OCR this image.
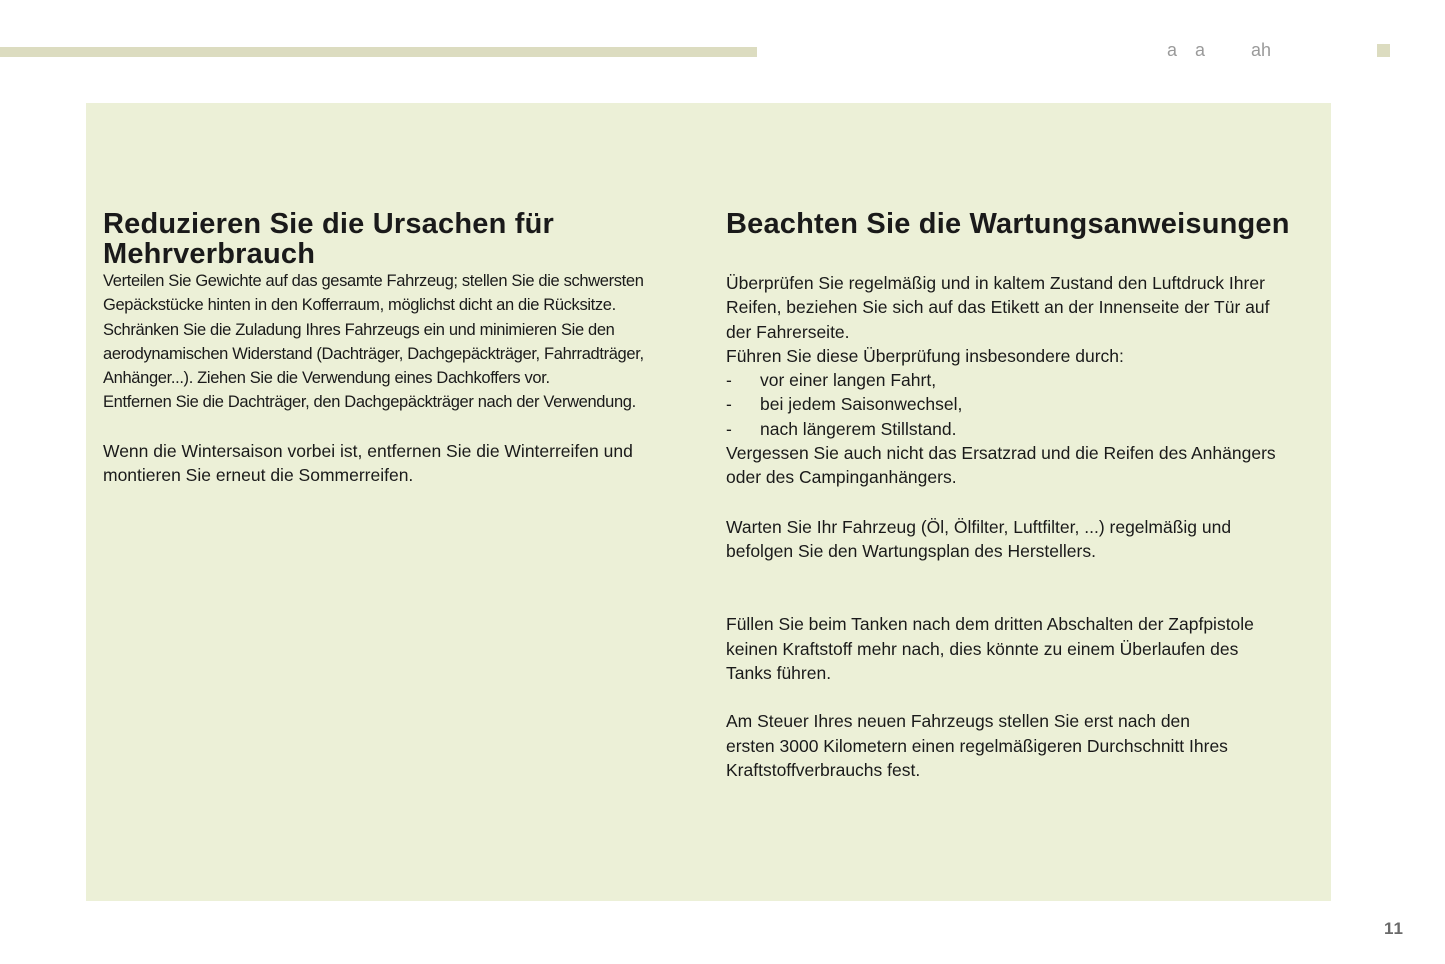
a a	ah
Reduzieren Sie die Ursachen für Mehrverbrauch
Verteilen Sie Gewichte auf das gesamte Fahrzeug; stellen Sie die schwersten
Gepäckstücke hinten in den Kofferraum, möglichst dicht an die Rücksitze.
Schränken Sie die Zuladung Ihres Fahrzeugs ein und minimieren Sie den
aerodynamischen Widerstand (Dachträger, Dachgepäckträger, Fahrradträger,
Anhänger...). Ziehen Sie die Verwendung eines Dachkoffers vor.
Entfernen Sie die Dachträger, den Dachgepäckträger nach der Verwendung.
Wenn die Wintersaison vorbei ist, entfernen Sie die Winterreifen und
montieren Sie erneut die Sommerreifen.
Beachten Sie die Wartungsanweisungen
Überprüfen Sie regelmäßig und in kaltem Zustand den Luftdruck Ihrer
Reifen, beziehen Sie sich auf das Etikett an der Innenseite der Tür auf
der Fahrerseite.
Führen Sie diese Überprüfung insbesondere durch:
-	vor einer langen Fahrt,
-	bei jedem Saisonwechsel,
-	nach längerem Stillstand.
Vergessen Sie auch nicht das Ersatzrad und die Reifen des Anhängers
oder des Campinganhängers.
Warten Sie Ihr Fahrzeug (Öl, Ölfilter, Luftfilter, ...) regelmäßig und
befolgen Sie den Wartungsplan des Herstellers.
Füllen Sie beim Tanken nach dem dritten Abschalten der Zapfpistole
keinen Kraftstoff mehr nach, dies könnte zu einem Überlaufen des
Tanks führen.
Am Steuer Ihres neuen Fahrzeugs stellen Sie erst nach den
ersten 3000 Kilometern einen regelmäßigeren Durchschnitt Ihres
Kraftstoffverbrauchs fest.
11
